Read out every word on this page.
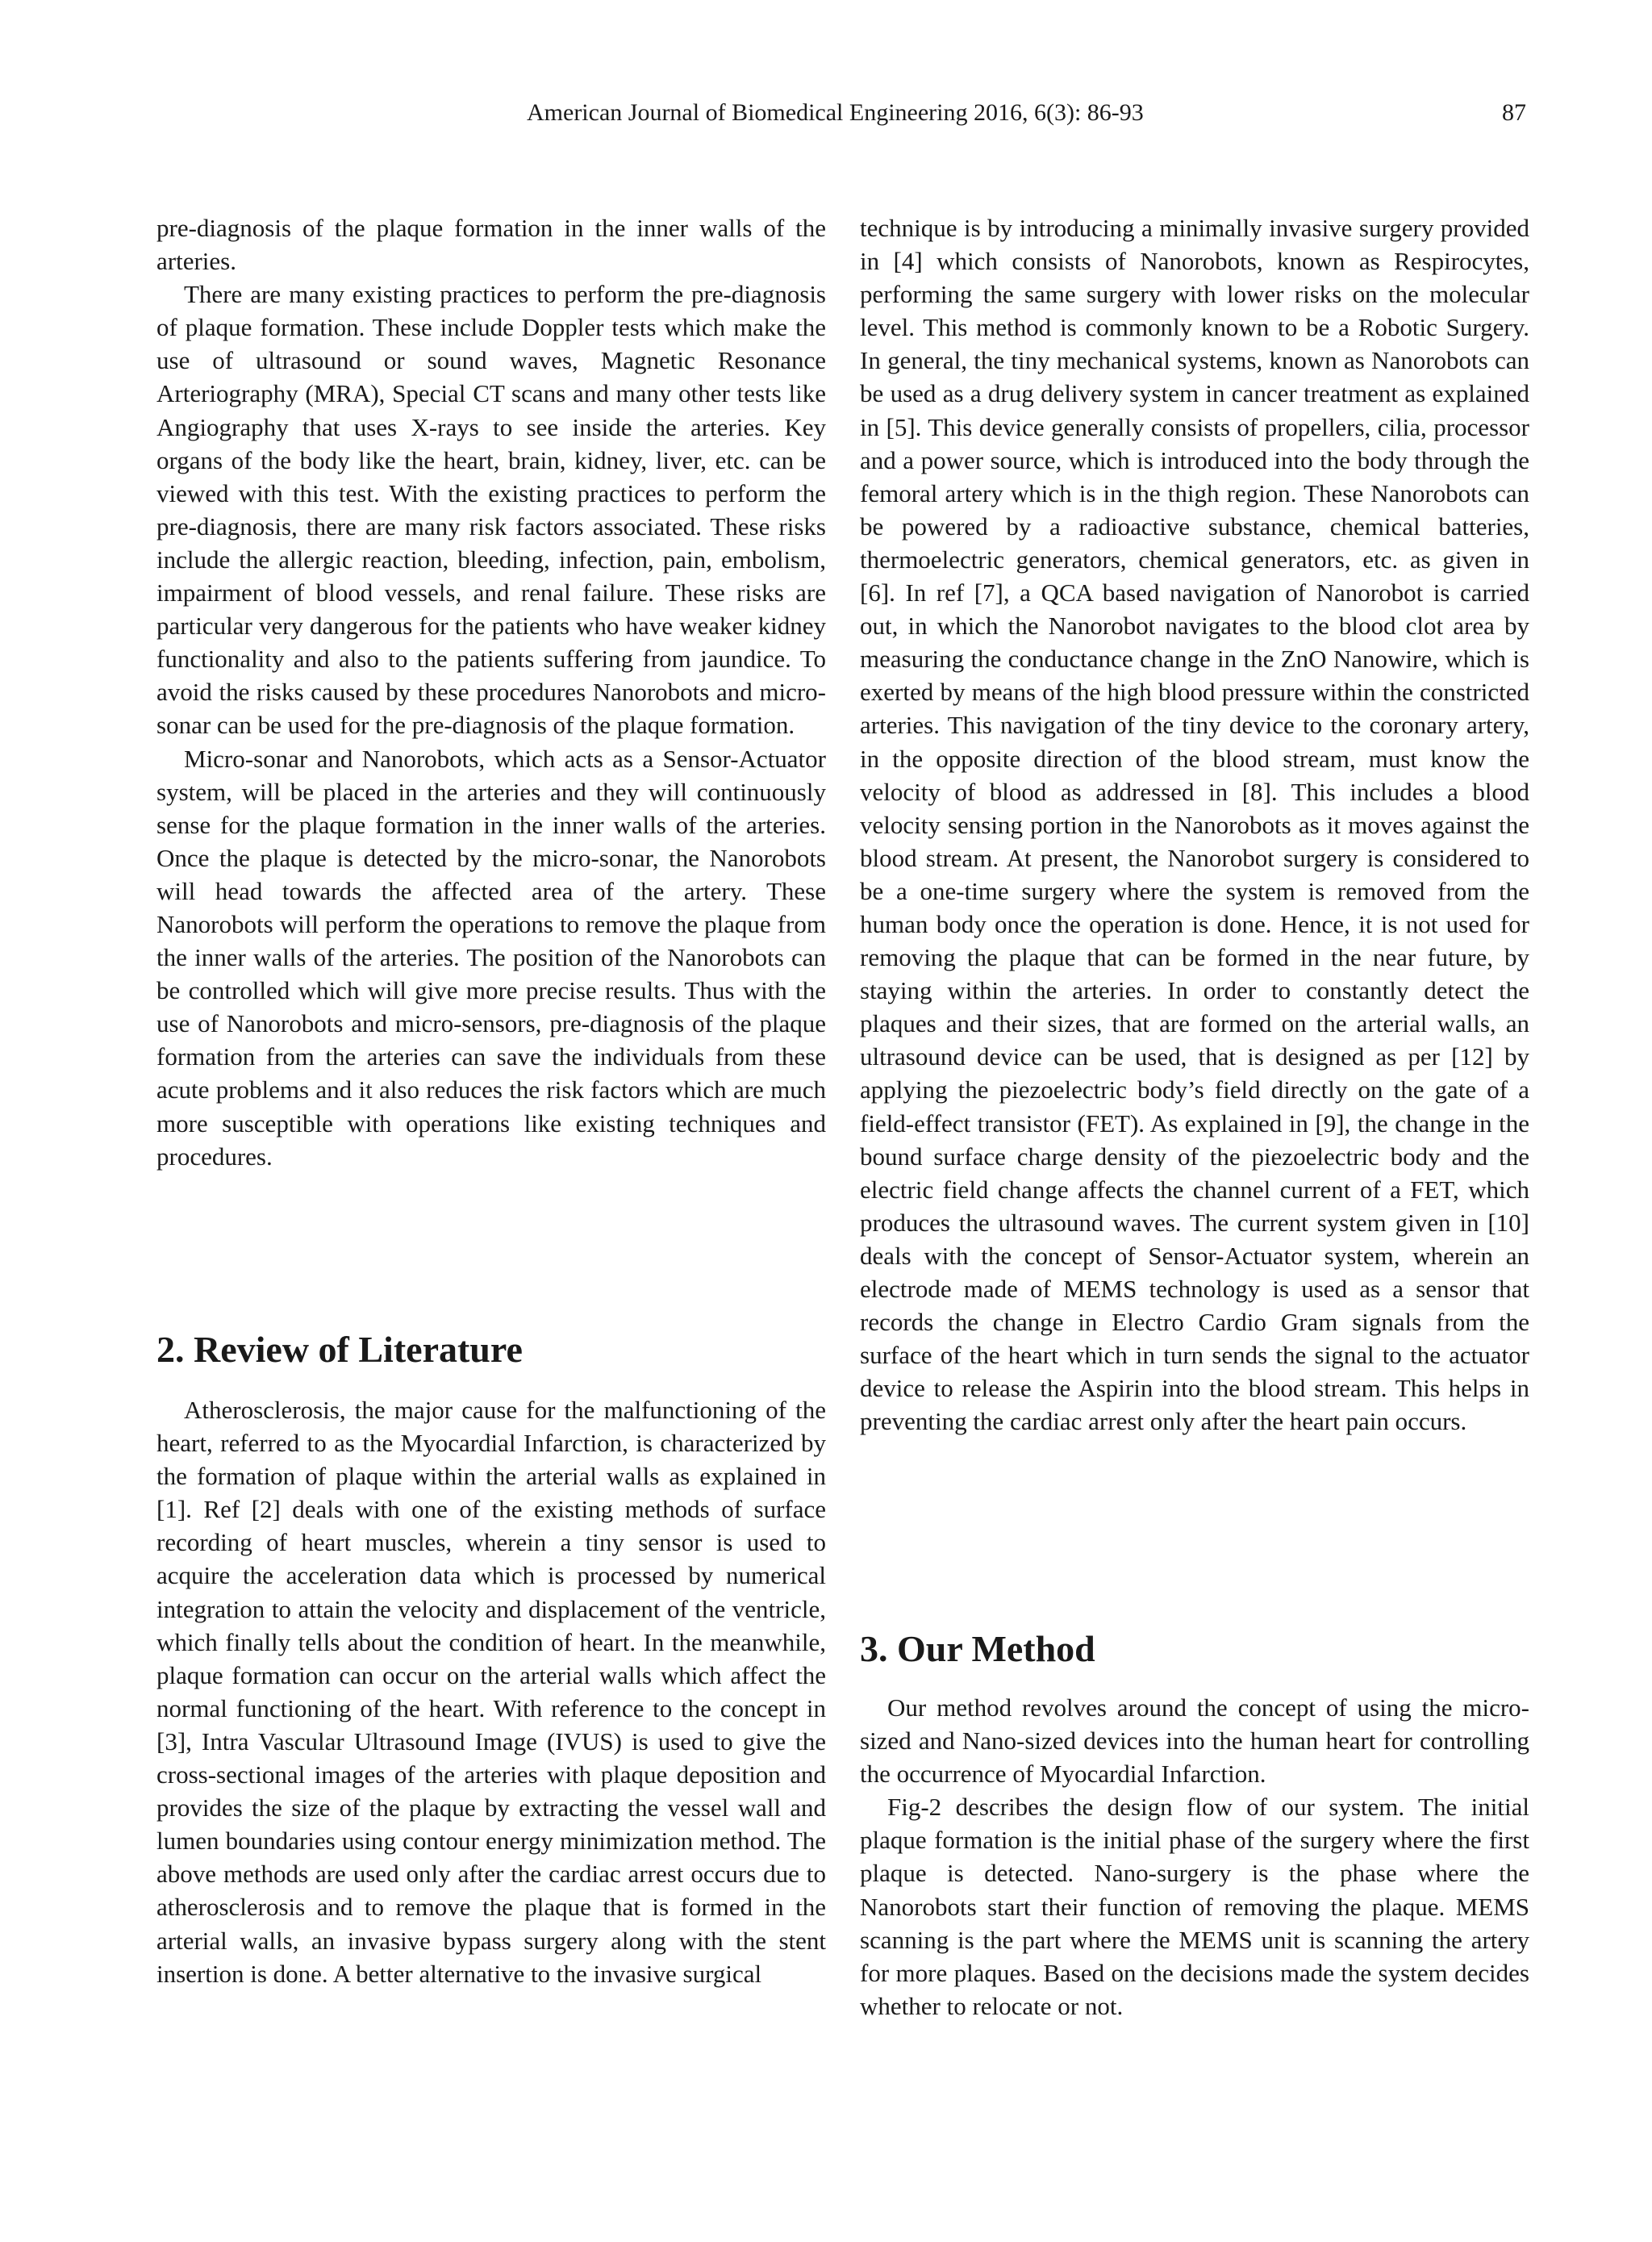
American Journal of Biomedical Engineering 2016, 6(3): 86-93	87

pre-diagnosis of the plaque formation in the inner walls of the arteries.

There are many existing practices to perform the pre-diagnosis of plaque formation. These include Doppler tests which make the use of ultrasound or sound waves, Magnetic Resonance Arteriography (MRA), Special CT scans and many other tests like Angiography that uses X-rays to see inside the arteries. Key organs of the body like the heart, brain, kidney, liver, etc. can be viewed with this test. With the existing practices to perform the pre-diagnosis, there are many risk factors associated. These risks include the allergic reaction, bleeding, infection, pain, embolism, impairment of blood vessels, and renal failure. These risks are particular very dangerous for the patients who have weaker kidney functionality and also to the patients suffering from jaundice. To avoid the risks caused by these procedures Nanorobots and micro-sonar can be used for the pre-diagnosis of the plaque formation.

Micro-sonar and Nanorobots, which acts as a Sensor-Actuator system, will be placed in the arteries and they will continuously sense for the plaque formation in the inner walls of the arteries. Once the plaque is detected by the micro-sonar, the Nanorobots will head towards the affected area of the artery. These Nanorobots will perform the operations to remove the plaque from the inner walls of the arteries. The position of the Nanorobots can be controlled which will give more precise results. Thus with the use of Nanorobots and micro-sensors, pre-diagnosis of the plaque formation from the arteries can save the individuals from these acute problems and it also reduces the risk factors which are much more susceptible with operations like existing techniques and procedures.

2. Review of Literature

Atherosclerosis, the major cause for the malfunctioning of the heart, referred to as the Myocardial Infarction, is characterized by the formation of plaque within the arterial walls as explained in [1]. Ref [2] deals with one of the existing methods of surface recording of heart muscles, wherein a tiny sensor is used to acquire the acceleration data which is processed by numerical integration to attain the velocity and displacement of the ventricle, which finally tells about the condition of heart. In the meanwhile, plaque formation can occur on the arterial walls which affect the normal functioning of the heart. With reference to the concept in [3], Intra Vascular Ultrasound Image (IVUS) is used to give the cross-sectional images of the arteries with plaque deposition and provides the size of the plaque by extracting the vessel wall and lumen boundaries using contour energy minimization method. The above methods are used only after the cardiac arrest occurs due to atherosclerosis and to remove the plaque that is formed in the arterial walls, an invasive bypass surgery along with the stent insertion is done. A better alternative to the invasive surgical

technique is by introducing a minimally invasive surgery provided in [4] which consists of Nanorobots, known as Respirocytes, performing the same surgery with lower risks on the molecular level. This method is commonly known to be a Robotic Surgery. In general, the tiny mechanical systems, known as Nanorobots can be used as a drug delivery system in cancer treatment as explained in [5]. This device generally consists of propellers, cilia, processor and a power source, which is introduced into the body through the femoral artery which is in the thigh region. These Nanorobots can be powered by a radioactive substance, chemical batteries, thermoelectric generators, chemical generators, etc. as given in [6]. In ref [7], a QCA based navigation of Nanorobot is carried out, in which the Nanorobot navigates to the blood clot area by measuring the conductance change in the ZnO Nanowire, which is exerted by means of the high blood pressure within the constricted arteries. This navigation of the tiny device to the coronary artery, in the opposite direction of the blood stream, must know the velocity of blood as addressed in [8]. This includes a blood velocity sensing portion in the Nanorobots as it moves against the blood stream. At present, the Nanorobot surgery is considered to be a one-time surgery where the system is removed from the human body once the operation is done. Hence, it is not used for removing the plaque that can be formed in the near future, by staying within the arteries. In order to constantly detect the plaques and their sizes, that are formed on the arterial walls, an ultrasound device can be used, that is designed as per [12] by applying the piezoelectric body’s field directly on the gate of a field-effect transistor (FET). As explained in [9], the change in the bound surface charge density of the piezoelectric body and the electric field change affects the channel current of a FET, which produces the ultrasound waves. The current system given in [10] deals with the concept of Sensor-Actuator system, wherein an electrode made of MEMS technology is used as a sensor that records the change in Electro Cardio Gram signals from the surface of the heart which in turn sends the signal to the actuator device to release the Aspirin into the blood stream. This helps in preventing the cardiac arrest only after the heart pain occurs.

3. Our Method

Our method revolves around the concept of using the micro-sized and Nano-sized devices into the human heart for controlling the occurrence of Myocardial Infarction.

Fig-2 describes the design flow of our system. The initial plaque formation is the initial phase of the surgery where the first plaque is detected. Nano-surgery is the phase where the Nanorobots start their function of removing the plaque. MEMS scanning is the part where the MEMS unit is scanning the artery for more plaques. Based on the decisions made the system decides whether to relocate or not.
